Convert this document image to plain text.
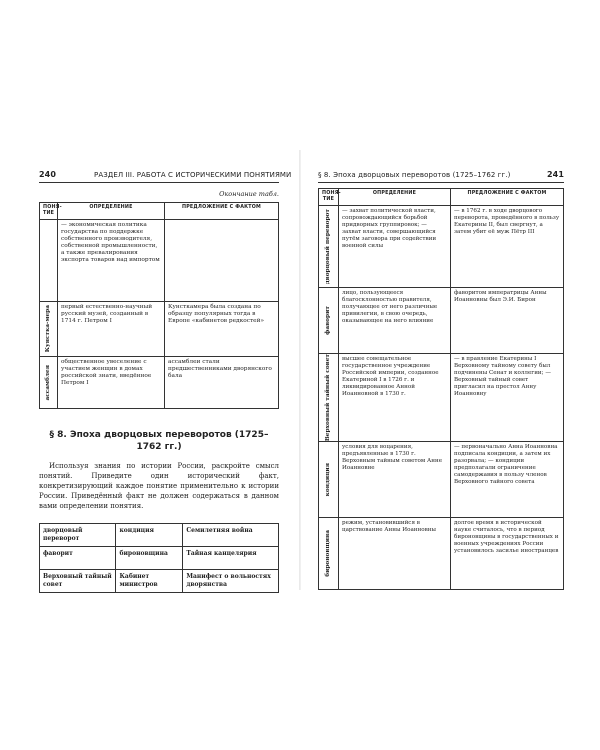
240	РАЗДЕЛ III. РАБОТА С ИСТОРИЧЕСКИМИ ПОНЯТИЯМИ
Окончание табл.
ПОНЯ-ТИЕ	ОПРЕДЕЛЕНИЕ	ПРЕДЛОЖЕНИЕ С ФАКТОМ

	— экономическая политика государства по поддержке собственного производителя, собственной промышленности, а также превалирования экспорта товаров над импортом	

Кунстка-мера	первый естественно-научный русский музей, созданный в 1714 г. Петром I	Кунсткамера была создана по образцу популярных тогда в Европе «кабинетов редкостей»

ассамблея	общественное увеселение с участием женщин в домах российской знати, введённое Петром I	ассамблеи стали предшественниками дворянского бала
§ 8. Эпоха дворцовых переворотов (1725–1762 гг.)

Используя знания по истории России, раскройте смысл понятий. Приведите один исторический факт, конкретизирующий каждое понятие применительно к истории России. Приведённый факт не должен содержаться в данном вами определении понятия.

дворцовый переворот	кондиция	Семилетняя война
фаворит	бироновщина	Тайная канцелярия
Верховный тайный совет	Кабинет министров	Манифест о вольностях дворянства
§ 8. Эпоха дворцовых переворотов (1725–1762 гг.)	241
ПОНЯ-ТИЕ	ОПРЕДЕЛЕНИЕ	ПРЕДЛОЖЕНИЕ С ФАКТОМ

дворцовый переворот	— захват политической власти, сопровождающийся борьбой придворных группировок; — захват власти, совершающийся путём заговора при содействии военной силы	— в 1762 г. в ходе дворцового переворота, проведённого в пользу Екатерины II, был свергнут, а затем убит её муж Пётр III

фаворит	лицо, пользующееся благосклонностью правителя, получающее от него различные привилегии, в свою очередь, оказывающее на него влияние	фаворитом императрицы Анны Иоанновны был Э.И. Бирон

Верховный тайный совет	высшее совещательное государственное учреждение Российской империи, созданное Екатериной I в 1726 г. и ликвидированное Анной Иоанновной в 1730 г.	— в правление Екатерины I Верховному тайному совету был подчинены Сенат и коллегии; — Верховный тайный совет пригласил на престол Анну Иоанновну

кондиция	условия для воцарения, предъявленные в 1730 г. Верховным тайным советом Анне Иоанновне	— первоначально Анна Иоанновна подписала кондиции, а затем их разорвала; — кондиции предполагали ограничение самодержавия в пользу членов Верховного тайного совета

бироновщина	режим, установившийся в царствование Анны Иоанновны	долгое время в исторической науке считалось, что в период бироновщины в государственных и военных учреждениях России установилось засилье иностранцев
